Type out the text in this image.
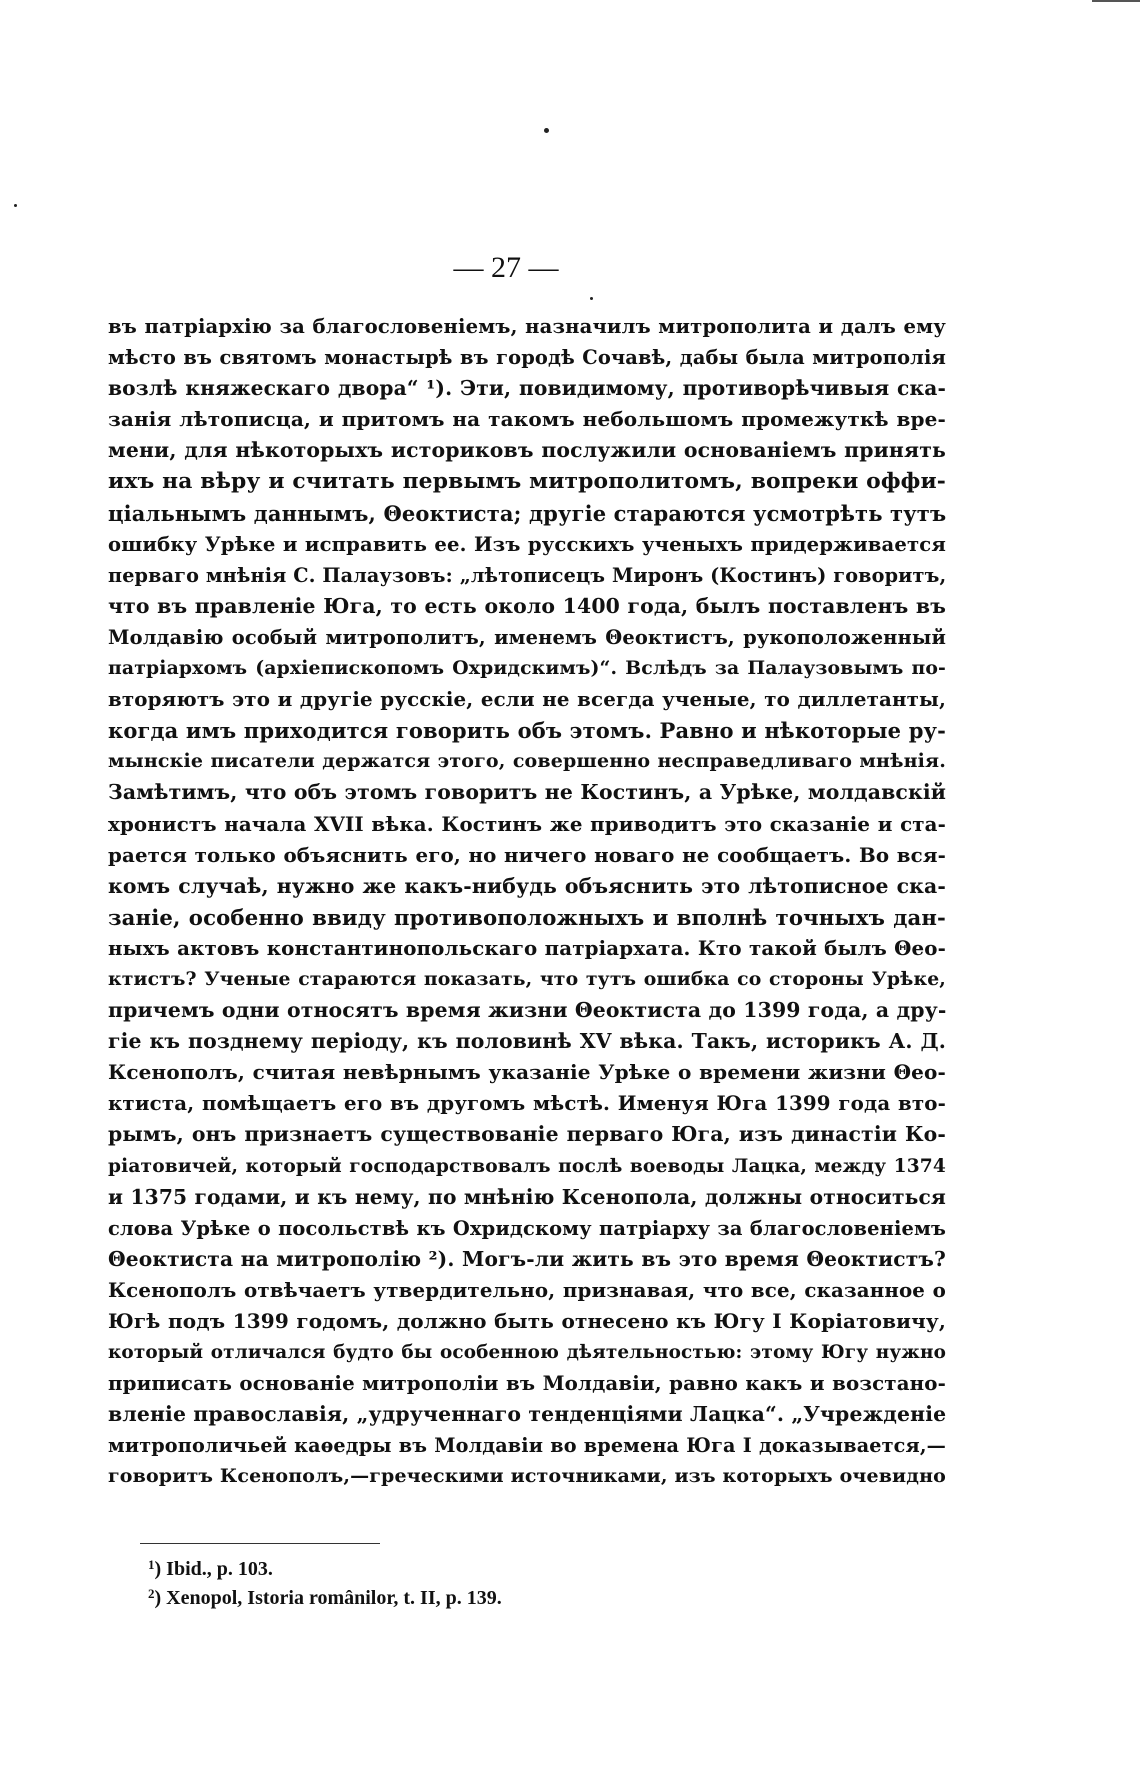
— 27 —
въ патріархію за благословеніемъ, назначилъ митрополита и далъ ему
мѣсто въ святомъ монастырѣ въ городѣ Сочавѣ, дабы была митрополія
возлѣ княжескаго двора“ ¹). Эти, повидимому, противорѣчивыя ска-
занія лѣтописца, и притомъ на такомъ небольшомъ промежуткѣ вре-
мени, для нѣкоторыхъ историковъ послужили основаніемъ принять
ихъ на вѣру и считать первымъ митрополитомъ, вопреки оффи-
ціальнымъ даннымъ, Θеоктиста; другіе стараются усмотрѣть тутъ
ошибку Урѣке и исправить ее. Изъ русскихъ ученыхъ придерживается
перваго мнѣнія С. Палаузовъ: „лѣтописецъ Миронъ (Костинъ) говоритъ,
что въ правленіе Юга, то есть около 1400 года, былъ поставленъ въ
Молдавію особый митрополитъ, именемъ Θеоктистъ, рукоположенный
патріархомъ (архіепископомъ Охридскимъ)“. Вслѣдъ за Палаузовымъ по-
вторяютъ это и другіе русскіе, если не всегда ученые, то диллетанты,
когда имъ приходится говорить объ этомъ. Равно и нѣкоторые ру-
мынскіе писатели держатся этого, совершенно несправедливаго мнѣнія.
Замѣтимъ, что объ этомъ говоритъ не Костинъ, а Урѣке, молдавскій
хронистъ начала XVII вѣка. Костинъ же приводитъ это сказаніе и ста-
рается только объяснить его, но ничего новаго не сообщаетъ. Во вся-
комъ случаѣ, нужно же какъ-нибудь объяснить это лѣтописное ска-
заніе, особенно ввиду противоположныхъ и вполнѣ точныхъ дан-
ныхъ актовъ константинопольскаго патріархата. Кто такой былъ Θео-
ктистъ? Ученые стараются показать, что тутъ ошибка со стороны Урѣке,
причемъ одни относятъ время жизни Θеоктиста до 1399 года, а дру-
гіе къ позднему періоду, къ половинѣ XV вѣка. Такъ, историкъ А. Д.
Ксенополъ, считая невѣрнымъ указаніе Урѣке о времени жизни Θео-
ктиста, помѣщаетъ его въ другомъ мѣстѣ. Именуя Юга 1399 года вто-
рымъ, онъ признаетъ существованіе перваго Юга, изъ династіи Ко-
ріатовичей, который господарствовалъ послѣ воеводы Лацка, между 1374
и 1375 годами, и къ нему, по мнѣнію Ксенопола, должны относиться
слова Урѣке о посольствѣ къ Охридскому патріарху за благословеніемъ
Θеоктиста на митрополію ²). Могъ-ли жить въ это время Θеоктистъ?
Ксенополъ отвѣчаетъ утвердительно, признавая, что все, сказанное о
Югѣ подъ 1399 годомъ, должно быть отнесено къ Югу I Коріатовичу,
который отличался будто бы особенною дѣятельностью: этому Югу нужно
приписать основаніе митрополіи въ Молдавіи, равно какъ и возстано-
вленіе православія, „удрученнаго тенденціями Лацка“. „Учрежденіе
митрополичьей каѳедры въ Молдавіи во времена Юга I доказывается,—
говоритъ Ксенополъ,—греческими источниками, изъ которыхъ очевидно
$^1$) Ibid., p. 103.
$^2$) Xenopol, Istoria românilor, t. II, p. 139.
